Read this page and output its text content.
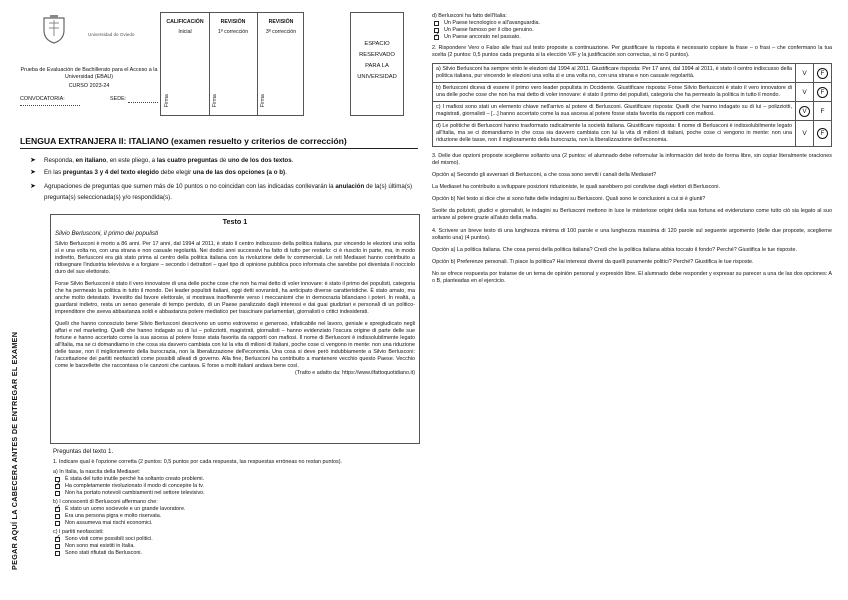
Universidad de Oviedo
Prueba de Evaluación de Bachillerato para el Acceso a la Universidad (EBAU)
CURSO 2023-24
CONVOCATORIA:	SEDE:
CALIFICACIÓN
Inicial
REVISIÓN
1ª corrección
REVISIÓN
3ª corrección
Firma	Firma	Firma
ESPACIO RESERVADO PARA LA UNIVERSIDAD
LENGUA EXTRANJERA II: ITALIANO (examen resuelto y criterios de corrección)
➤ Responda, en italiano, en este pliego, a las cuatro preguntas de uno de los dos textos.
➤ En las preguntas 3 y 4 del texto elegido debe elegir una de las dos opciones (a o b).
➤ Agrupaciones de preguntas que sumen más de 10 puntos o no coincidan con las indicadas conllevarán la anulación de la(s) última(s) pregunta(s) seleccionada(s) y/o respondida(s).
PEGAR AQUÍ LA CABECERA ANTES DE ENTREGAR EL EXAMEN
Testo 1
Silvio Berlusconi, il primo dei populisti
Silvio Berlusconi è morto a 86 anni. Per 17 anni, dal 1994 al 2011, è stato il centro indiscusso della politica italiana, pur vincendo le elezioni una volta sì e una volta no, con una strana e non casuale regolarità. Nei dodici anni successivi ha fatto di tutto per restarlo: ci è riuscito in parte, ma, in modo indiretto, Berlusconi era già stato prima al centro della politica italiana con la rivoluzione delle tv commerciali. Le reti Mediaset hanno contribuito a ridisegnare l'industria televisiva e a forgiare – secondo i detrattori – quel tipo di opinione pubblica poco informata che sarebbe poi diventata il nocciolo duro del suo elettorato.
Forse Silvio Berlusconi è stato il vero innovatore di una delle poche cose che non ha mai detto di voler innovare: è stato il primo dei populisti, categoria che ha permeato la politica in tutto il mondo. Dei leader populisti italiani, oggi detti sovranisti, ha anticipato diverse caratteristiche. È stato amato, ma anche molto detestato. Investito dal favore elettorale, si mostrava insofferente verso i meccanismi che in democrazia bilanciano i poteri. In realtà, a guardarsi indietro, resta un senso generale di tempo perduto, di un Paese paralizzato dagli interessi e dai guai giudiziari e personali di un politico-imprenditore che aveva abbastanza soldi e abbastanza potere mediatico per trascinare parlamentari, giornalisti o critici indesiderati.
Quelli che hanno conosciuto bene Silvio Berlusconi descrivono un uomo estroverso e generoso, infaticabile nel lavoro, geniale e spregiudicato negli affari e nel marketing. Quelli che hanno indagato su di lui – polizziotti, magistrati, giornalisti – hanno evidenziato l'oscura origine di parte delle sue fortune e hanno accertato come la sua ascesa al potere fosse stata favorita da rapporti con mafiosi. Il nome di Berlusconi è indissolubilmente legato all'Italia, ma se ci domandiamo in che cosa sia davvero cambiata con lui la vita di milioni di italiani, poche cose ci vengono in mente: non una riduzione delle tasse, non il miglioramento della burocrazia, non la liberalizzazione dell'economia. Una cosa si deve però indubbiamente a Silvio Berlusconi: l'accettazione dei partiti neofascisti come possibili alleati di governo. Alla fine, Berlusconi ha contribuito a mantenere vecchio questo Paese. Vecchio come le barzellette che raccontava o le canzoni che cantava. E forse a molti italiani andava bene così.
(Tratto e adatto da: https://www.ilfattoquotidiano.it)
Preguntas del texto 1.
1. Indicare qual è l'opzione corretta (2 puntos: 0,5 puntos por cada respuesta, las respuestas erróneas no restan puntos).
a) In Italia, la nascita della Mediaset:
È stata del tutto inutile perché ha soltanto creato problemi.
✓
Ha completamente rivoluzionato il modo di concepire la tv.
Non ha portato notevoli cambiamenti nel settore televisivo.
b) I conoscenti di Berlusconi affermano che:
✓
È stato un uomo socievole e un grande lavoratore.
Era una persona pigra e molto riservata.
Non assumeva mai rischi economici.
c) I partiti neofascisti:
✓
Sono visti come possibili soci politici.
Non sono mai esistiti in Italia.
Sono stati rifiutati da Berlusconi.
d) Berlusconi ha fatto dell'Italia:
Un Paese tecnologico e all'avanguardia.
Un Paese famoso per il cibo genuino.
✓
Un Paese ancorato nel passato.
2. Rispondere Vero o Falso alle frasi sul testo proposte a continuazione. Per giustificare la risposta è necessario copiare la frase – o frasi – che confermano la tua scelta (2 puntos: 0,5 puntos cada pregunta si la elección V/F y la justificación son correctas, si no 0 puntos).
a) Silvio Berlusconi ha sempre vinto le elezioni dal 1994 al 2011. Giustificare risposta: Per 17 anni, dal 1994 al 2011, è stato il centro indiscusso della politica italiana, pur vincendo le elezioni una volta sì e una volta no, con una strana e non casuale regolarità.	V	F
b) Berlusconi diceva di essere il primo vero leader populista in Occidente. Giustificare risposta: Forse Silvio Berlusconi è stato il vero innovatore di una delle poche cose che non ha mai detto di voler innovare: è stato il primo dei populisti, categoria che ha permeato la politica in tutto il mondo.	V	F
c) I mafiosi sono stati un elemento chiave nell'arrivo al potere di Berlusconi. Giustificare risposta: Quelli che hanno indagato su di lui – polizziotti, magistrati, giornalisti – [...] hanno accertato come la sua ascesa al potere fosse stata favorita da rapporti con mafiosi.	V	F
d) Le politiche di Berlusconi hanno trasformato radicalmente la società italiana. Giustificare risposta: Il nome di Berlusconi è indissolubilmente legato all'Italia, ma se ci domandiamo in che cosa sia davvero cambiata con lui la vita di milioni di italiani, poche cose ci vengono in mente: non una riduzione delle tasse, non il miglioramento della burocrazia, non la liberalizzazione dell'economia.	V	F
3. Delle due opzioni proposte sceglierne soltanto una (2 puntos: el alumnado debe reformular la información del texto de forma libre, sin copiar literalmente oraciones del mismo).
Opción a) Secondo gli avversari di Berlusconi, a che cosa sono serviti i canali della Mediaset?
La Mediaset ha contribuito a sviluppare posizioni riduzioniste, le quali sarebbero poi condivise dagli elettori di Berlusconi.
Opción b) Nel testo si dice che si sono fatte delle indagini su Berlusconi. Quali sono le conclusioni a cui si è giunti?
Svolte da polizioti, giudici e giornalisti, le indagini su Berlusconi mettono in luce le misteriose origini della sua fortuna ed evidenziano come tutto ciò sia legato al suo arrivare al potere grazie all'aiuto della mafia.
4. Scrivere un breve testo di una lunghezza minima di 100 parole e una lunghezza massima di 120 parole sul seguente argomento (delle due proposte, sceglierne soltanto una) (4 puntos).
Opción a) La politica italiana. Che cosa pensi della politica italiana? Credi che la politica italiana abbia toccato il fondo? Perché? Giustifica le tue risposte.
Opción b) Preferenze personali. Ti piace la politica? Hai interessi diversi da quelli puramente politici? Perché? Giustifica le tue risposte.
No se ofrece respuesta por tratarse de un tema de opinión personal y expresión libre. El alumnado debe responder y expresar su parecer a una de las dos opciones: A o B, planteadas en el ejercicio.
